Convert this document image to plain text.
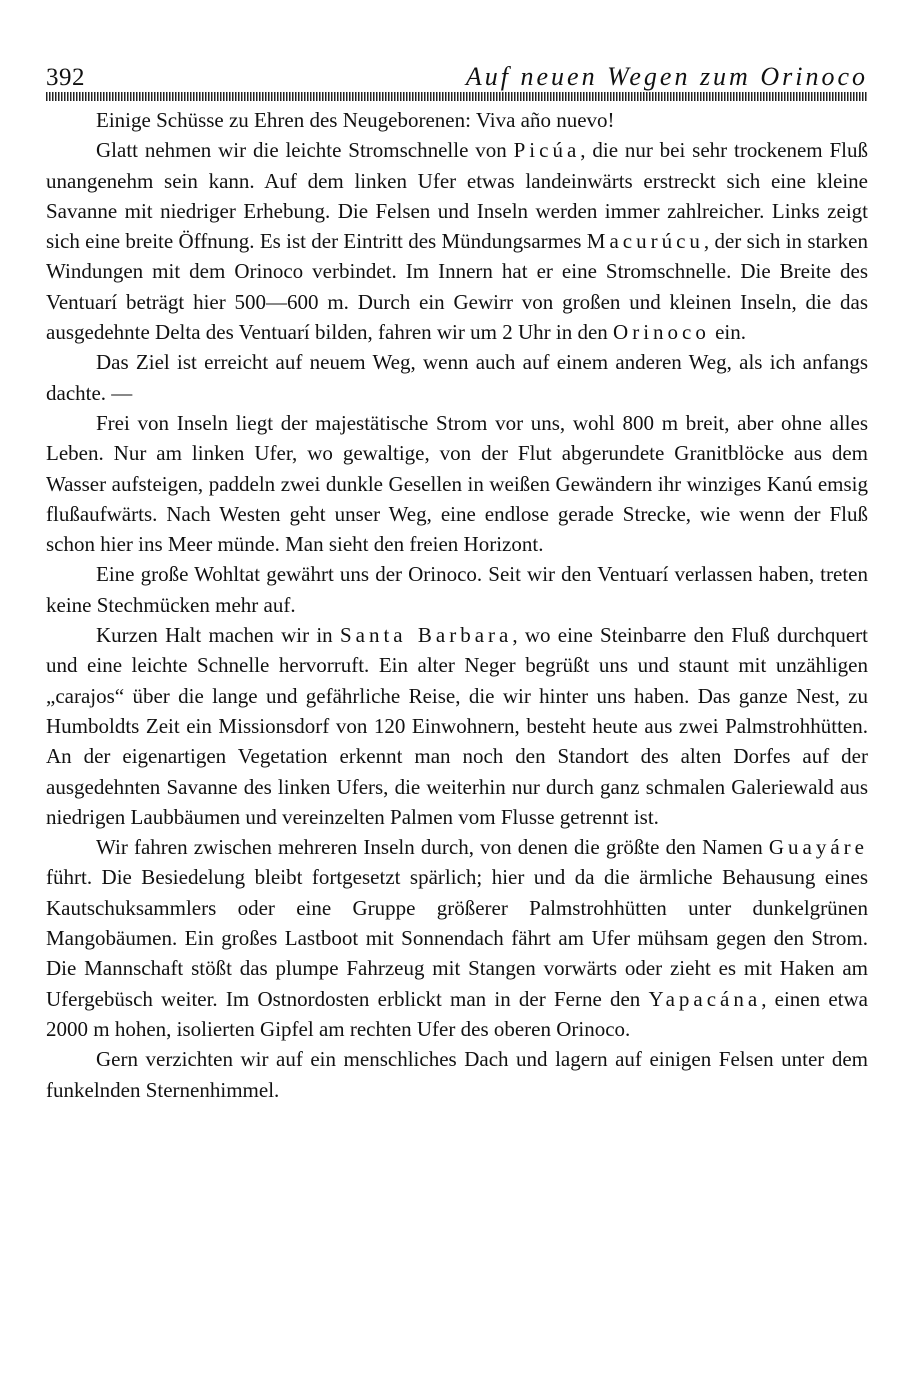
392	Auf neuen Wegen zum Orinoco

Einige Schüsse zu Ehren des Neugeborenen: Viva año nuevo!

Glatt nehmen wir die leichte Stromschnelle von Picúa, die nur bei sehr trockenem Fluß unangenehm sein kann. Auf dem linken Ufer etwas landeinwärts erstreckt sich eine kleine Savanne mit niedriger Erhebung. Die Felsen und Inseln werden immer zahlreicher. Links zeigt sich eine breite Öffnung. Es ist der Eintritt des Mündungsarmes Macurúcu, der sich in starken Windungen mit dem Orinoco verbindet. Im Innern hat er eine Stromschnelle. Die Breite des Ventuarí beträgt hier 500—600 m. Durch ein Gewirr von großen und kleinen Inseln, die das ausgedehnte Delta des Ventuarí bilden, fahren wir um 2 Uhr in den Orinoco ein.

Das Ziel ist erreicht auf neuem Weg, wenn auch auf einem anderen Weg, als ich anfangs dachte. —

Frei von Inseln liegt der majestätische Strom vor uns, wohl 800 m breit, aber ohne alles Leben. Nur am linken Ufer, wo gewaltige, von der Flut abgerundete Granitblöcke aus dem Wasser aufsteigen, paddeln zwei dunkle Gesellen in weißen Gewändern ihr winziges Kanú emsig flußaufwärts. Nach Westen geht unser Weg, eine endlose gerade Strecke, wie wenn der Fluß schon hier ins Meer münde. Man sieht den freien Horizont.

Eine große Wohltat gewährt uns der Orinoco. Seit wir den Ventuarí verlassen haben, treten keine Stechmücken mehr auf.

Kurzen Halt machen wir in Santa Barbara, wo eine Steinbarre den Fluß durchquert und eine leichte Schnelle hervorruft. Ein alter Neger begrüßt uns und staunt mit unzähligen „carajos“ über die lange und gefährliche Reise, die wir hinter uns haben. Das ganze Nest, zu Humboldts Zeit ein Missionsdorf von 120 Einwohnern, besteht heute aus zwei Palmstrohhütten. An der eigenartigen Vegetation erkennt man noch den Standort des alten Dorfes auf der ausgedehnten Savanne des linken Ufers, die weiterhin nur durch ganz schmalen Galeriewald aus niedrigen Laubbäumen und vereinzelten Palmen vom Flusse getrennt ist.

Wir fahren zwischen mehreren Inseln durch, von denen die größte den Namen Guayáre führt. Die Besiedelung bleibt fortgesetzt spärlich; hier und da die ärmliche Behausung eines Kautschuksammlers oder eine Gruppe größerer Palmstrohhütten unter dunkelgrünen Mangobäumen. Ein großes Lastboot mit Sonnendach fährt am Ufer mühsam gegen den Strom. Die Mannschaft stößt das plumpe Fahrzeug mit Stangen vorwärts oder zieht es mit Haken am Ufergebüsch weiter. Im Ostnordosten erblickt man in der Ferne den Yapacána, einen etwa 2000 m hohen, isolierten Gipfel am rechten Ufer des oberen Orinoco.

Gern verzichten wir auf ein menschliches Dach und lagern auf einigen Felsen unter dem funkelnden Sternenhimmel.
